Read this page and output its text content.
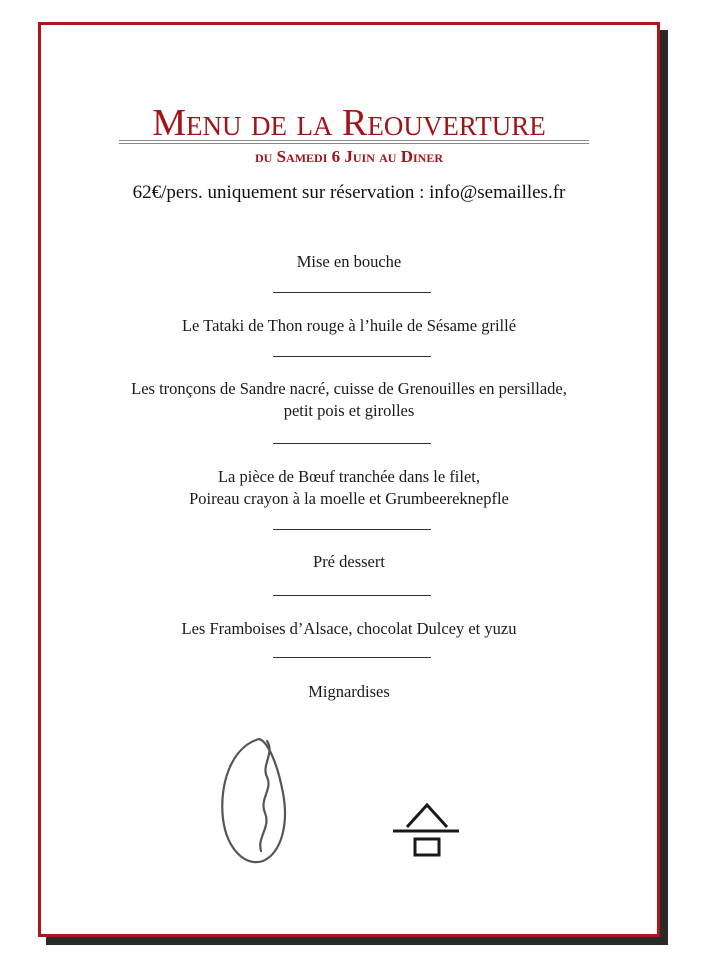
Menu de la Reouverture
du Samedi 6 Juin au Diner
62€/pers. uniquement sur réservation : info@semailles.fr
Mise en bouche
Le Tataki de Thon rouge à l’huile de Sésame grillé
Les tronçons de Sandre nacré, cuisse de Grenouilles en persillade,
petit pois et girolles
La pièce de Bœuf tranchée dans le filet,
Poireau crayon à la moelle et Grumbeereknepfle
Pré dessert
Les Framboises d’Alsace, chocolat Dulcey et yuzu
Mignardises
